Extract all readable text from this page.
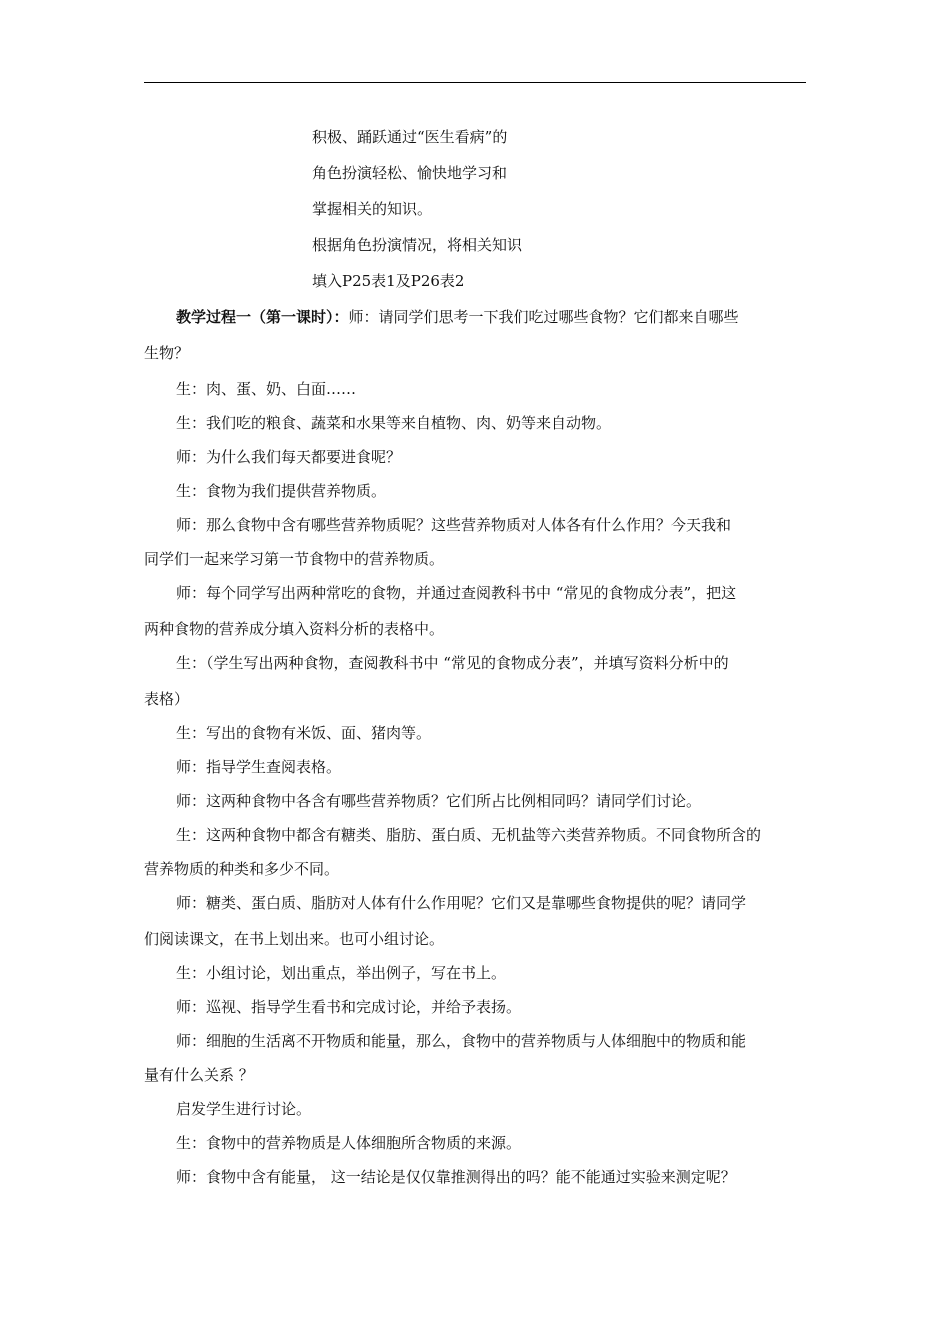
积极、踊跃通过“医生看病”的
角色扮演轻松、愉快地学习和
掌握相关的知识。
根据角色扮演情况，将相关知识
填入P25表1及P26表2
教学过程一（第一课时）：师：请同学们思考一下我们吃过哪些食物？它们都来自哪些
生物？
生：肉、蛋、奶、白面……
生：我们吃的粮食、蔬菜和水果等来自植物、肉、奶等来自动物。
师：为什么我们每天都要进食呢？
生：食物为我们提供营养物质。
师：那么食物中含有哪些营养物质呢？这些营养物质对人体各有什么作用？今天我和
同学们一起来学习第一节食物中的营养物质。
师：每个同学写出两种常吃的食物，并通过查阅教科书中 “常见的食物成分表”，把这
两种食物的营养成分填入资料分析的表格中。
生：（学生写出两种食物，查阅教科书中 “常见的食物成分表”，并填写资料分析中的
表格）
生：写出的食物有米饭、面、猪肉等。
师：指导学生查阅表格。
师：这两种食物中各含有哪些营养物质？它们所占比例相同吗？请同学们讨论。
生：这两种食物中都含有糖类、脂肪、蛋白质、无机盐等六类营养物质。不同食物所含的
营养物质的种类和多少不同。
师：糖类、蛋白质、脂肪对人体有什么作用呢？它们又是靠哪些食物提供的呢？请同学
们阅读课文，在书上划出来。也可小组讨论。
生：小组讨论，划出重点，举出例子，写在书上。
师：巡视、指导学生看书和完成讨论，并给予表扬。
师：细胞的生活离不开物质和能量，那么，食物中的营养物质与人体细胞中的物质和能
量有什么关系 ？
启发学生进行讨论。
生：食物中的营养物质是人体细胞所含物质的来源。
师：食物中含有能量， 这一结论是仅仅靠推测得出的吗？能不能通过实验来测定呢？
